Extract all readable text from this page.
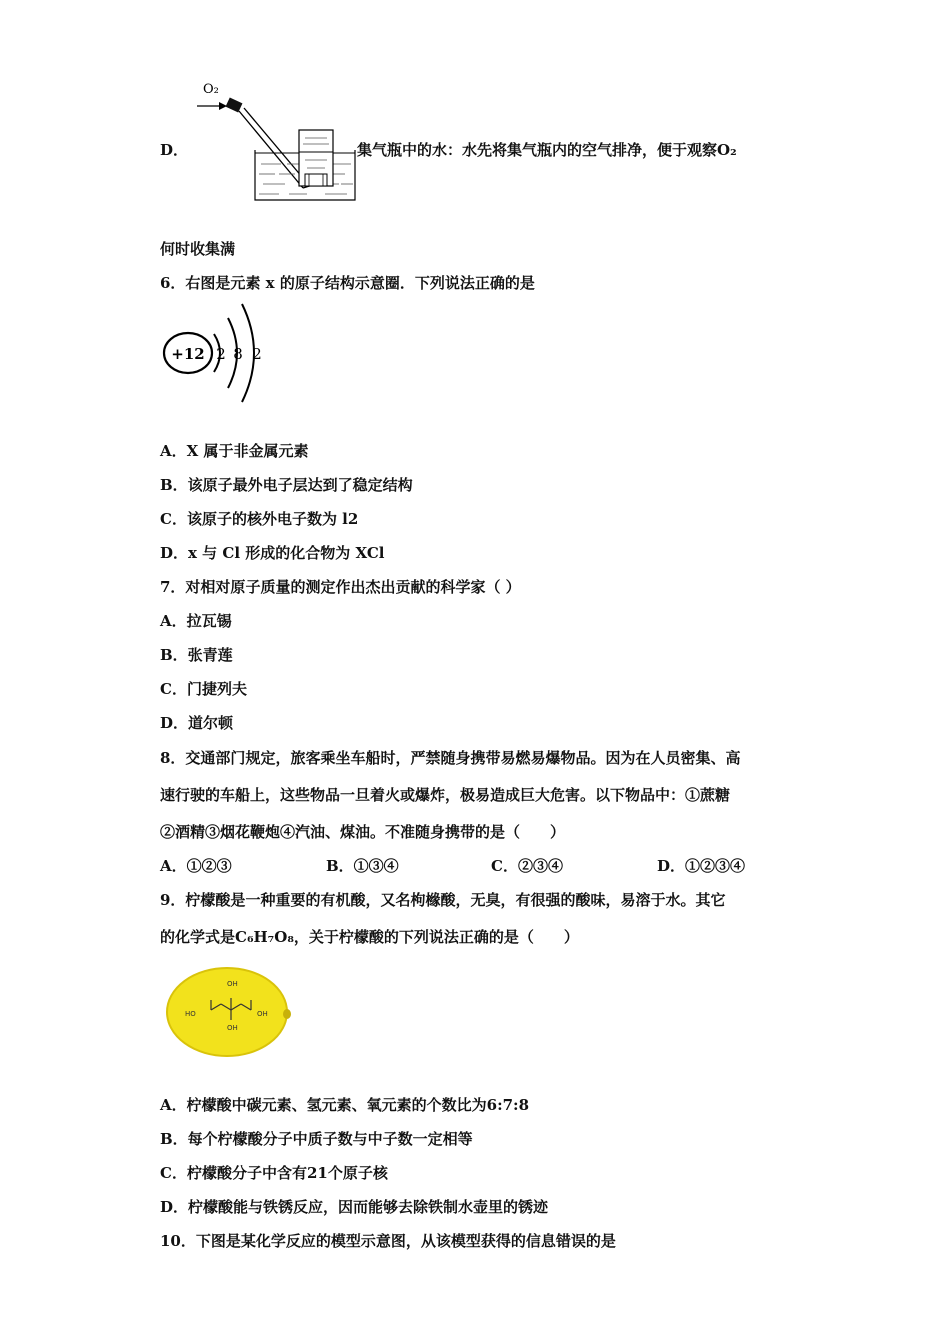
D．
O₂
集气瓶中的水：水先将集气瓶内的空气排净，便于观察O₂
何时收集满
6．右图是元素 x 的原子结构示意圈．下列说法正确的是
+12 2 8 2
A．X 属于非金属元素
B．该原子最外电子层达到了稳定结构
C．该原子的核外电子数为 l2
D．x 与 Cl 形成的化合物为 XCl
7．对相对原子质量的测定作出杰出贡献的科学家（ ）
A．拉瓦锡
B．张青莲
C．门捷列夫
D．道尔顿
8．交通部门规定，旅客乘坐车船时，严禁随身携带易燃易爆物品。因为在人员密集、高
速行驶的车船上，这些物品一旦着火或爆炸，极易造成巨大危害。以下物品中：①蔗糖
②酒精③烟花鞭炮④汽油、煤油。不准随身携带的是（　　）
A．①②③	B．①③④	C．②③④	D．①②③④
9．柠檬酸是一种重要的有机酸，又名枸橼酸，无臭，有很强的酸味，易溶于水。其它
的化学式是C₆H₇O₈，关于柠檬酸的下列说法正确的是（　　）
OH
HO	OH
OH
A．柠檬酸中碳元素、氢元素、氧元素的个数比为6:7:8
B．每个柠檬酸分子中质子数与中子数一定相等
C．柠檬酸分子中含有21个原子核
D．柠檬酸能与铁锈反应，因而能够去除铁制水壶里的锈迹
10．下图是某化学反应的模型示意图，从该模型获得的信息错误的是
